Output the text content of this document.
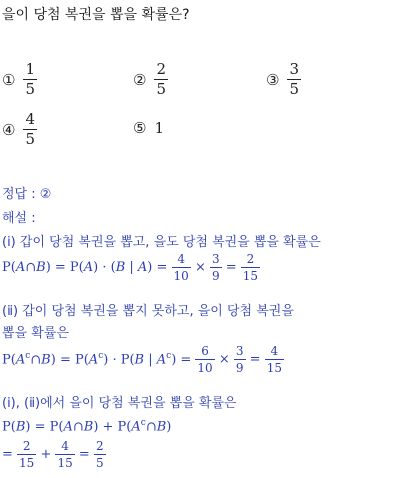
을이 당첨 복권을 뽑을 확률은?
① $\frac{1}{5}$	② $\frac{2}{5}$	③ $\frac{3}{5}$
④ $\frac{4}{5}$	⑤ 1
정답 : ②
해설 :
(ⅰ) 갑이 당첨 복권을 뽑고, 을도 당첨 복권을 뽑을 확률은
P(A∩B) = P(A) · (B | $A) = \frac{4}{10} \times \frac{3}{9} = \frac{2}{15}$
(ⅱ) 갑이 당첨 복권을 뽑지 못하고, 을이 당첨 복권을
뽑을 확률은
$P(A^c\cap B) = P(A^c) \cdot P(B$ | $A^c) = \frac{6}{10} \times \frac{3}{9} = \frac{4}{15}$
(ⅰ), (ⅱ)에서 을이 당첨 복권을 뽑을 확률은
P(B) = P(A∩B) + $P(A^c\cap B)$
= $\frac{2}{15} + \frac{4}{15} = \frac{2}{5}$
